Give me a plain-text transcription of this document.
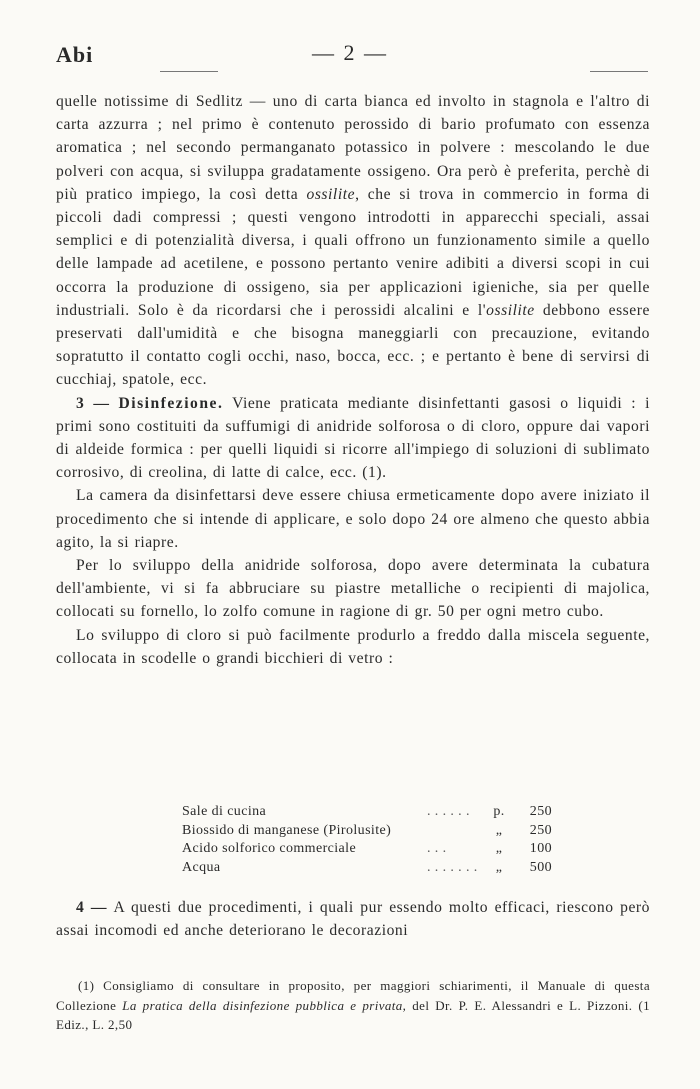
Abi	— 2 —

quelle notissime di Sedlitz — uno di carta bianca ed involto in stagnola e l'altro di carta azzurra ; nel primo è contenuto perossido di bario profumato con essenza aromatica ; nel secondo permanganato potassico in polvere : mescolando le due polveri con acqua, si sviluppa gradatamente ossigeno. Ora però è preferita, perchè di più pratico impiego, la così detta ossilite, che si trova in commercio in forma di piccoli dadi compressi ; questi vengono introdotti in apparecchi speciali, assai semplici e di potenzialità diversa, i quali offrono un funzionamento simile a quello delle lampade ad acetilene, e possono pertanto venire adibiti a diversi scopi in cui occorra la produzione di ossigeno, sia per applicazioni igieniche, sia per quelle industriali. Solo è da ricordarsi che i perossidi alcalini e l'ossilite debbono essere preservati dall'umidità e che bisogna maneggiarli con precauzione, evitando sopratutto il contatto cogli occhi, naso, bocca, ecc. ; e pertanto è bene di servirsi di cucchiaj, spatole, ecc.

3 — Disinfezione. Viene praticata mediante disinfettanti gasosi o liquidi : i primi sono costituiti da suffumigi di anidride solforosa o di cloro, oppure dai vapori di aldeide formica : per quelli liquidi si ricorre all'impiego di soluzioni di sublimato corrosivo, di creolina, di latte di calce, ecc. (1).

La camera da disinfettarsi deve essere chiusa ermeticamente dopo avere iniziato il procedimento che si intende di applicare, e solo dopo 24 ore almeno che questo abbia agito, la si riapre.

Per lo sviluppo della anidride solforosa, dopo avere determinata la cubatura dell'ambiente, vi si fa abbruciare su piastre metalliche o recipienti di majolica, collocati su fornello, lo zolfo comune in ragione di gr. 50 per ogni metro cubo.

Lo sviluppo di cloro si può facilmente produrlo a freddo dalla miscela seguente, collocata in scodelle o grandi bicchieri di vetro :

Sale di cucina	. . . . . .	p.	250
Biossido di manganese (Pirolusite)		„	250
Acido solforico commerciale	. . .	„	100
Acqua	. . . . . . .	„	500

4 — A questi due procedimenti, i quali pur essendo molto efficaci, riescono però assai incomodi ed anche deteriorano le decorazioni

(1) Consigliamo di consultare in proposito, per maggiori schiarimenti, il Manuale di questa Collezione La pratica della disinfezione pubblica e privata, del Dr. P. E. Alessandri e L. Pizzoni. (1 Ediz., L. 2,50
